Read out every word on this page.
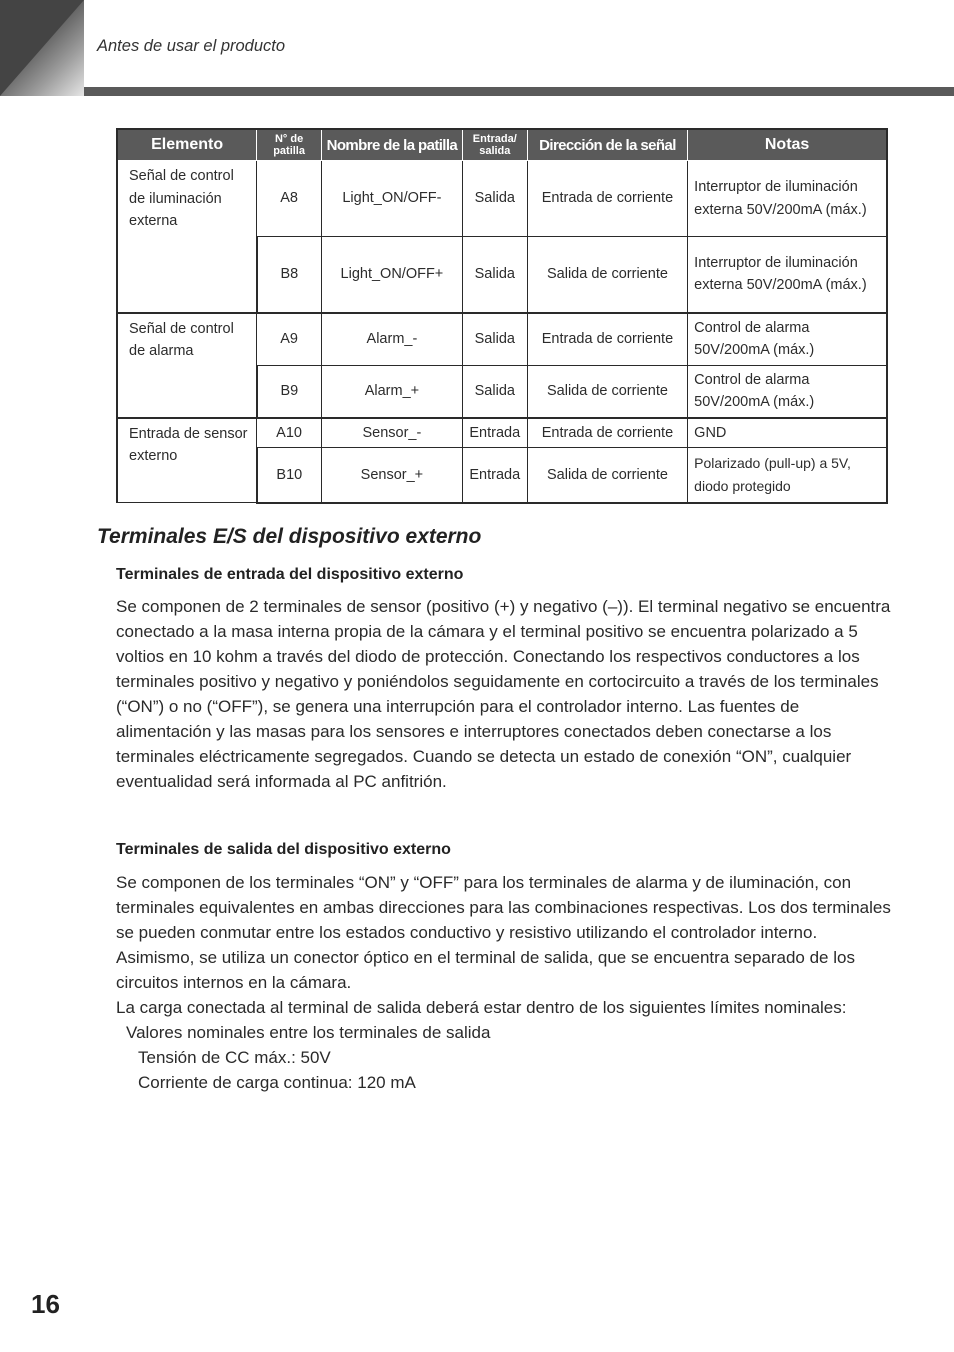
Antes de usar el producto
Elemento	N° de patilla	Nombre de la patilla	Entrada/ salida	Dirección de la señal	Notas
Señal de control de iluminación externa	A8	Light_ON/OFF-	Salida	Entrada de corriente	Interruptor de iluminación externa 50V/200mA (máx.)
	B8	Light_ON/OFF+	Salida	Salida de corriente	Interruptor de iluminación externa 50V/200mA (máx.)
Señal de control de alarma	A9	Alarm_-	Salida	Entrada de corriente	Control de alarma 50V/200mA (máx.)
	B9	Alarm_+	Salida	Salida de corriente	Control de alarma 50V/200mA (máx.)
Entrada de sensor externo	A10	Sensor_-	Entrada	Entrada de corriente	GND
	B10	Sensor_+	Entrada	Salida de corriente	Polarizado (pull-up) a 5V, diodo protegido
Terminales E/S del dispositivo externo
Terminales de entrada del dispositivo externo

Se componen de 2 terminales de sensor (positivo (+) y negativo (–)). El terminal negativo se encuentra conectado a la masa interna propia de la cámara y el terminal positivo se encuentra polarizado a 5 voltios en 10 kohm a través del diodo de protección. Conectando los respectivos conductores a los terminales positivo y negativo y poniéndolos seguidamente en cortocircuito a través de los terminales (“ON”) o no (“OFF”), se genera una interrupción para el controlador interno. Las fuentes de alimentación y las masas para los sensores e interruptores conectados deben conectarse a los terminales eléctricamente segregados. Cuando se detecta un estado de conexión “ON”, cualquier eventualidad será informada al PC anfitrión.

Terminales de salida del dispositivo externo

Se componen de los terminales “ON” y “OFF” para los terminales de alarma y de iluminación, con terminales equivalentes en ambas direcciones para las combinaciones respectivas. Los dos terminales se pueden conmutar entre los estados conductivo y resistivo utilizando el controlador interno. Asimismo, se utiliza un conector óptico en el terminal de salida, que se encuentra separado de los circuitos internos en la cámara.

La carga conectada al terminal de salida deberá estar dentro de los siguientes límites nominales:

Valores nominales entre los terminales de salida

Tensión de CC máx.: 50V

Corriente de carga continua: 120 mA

16
